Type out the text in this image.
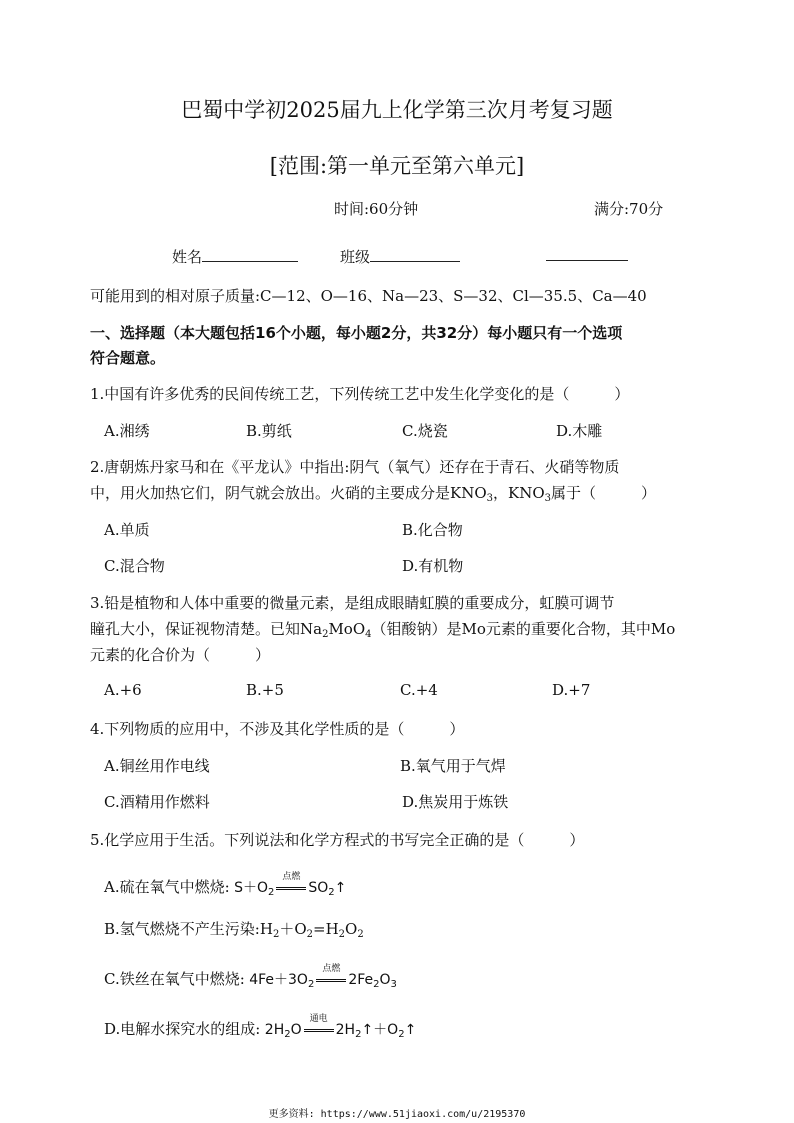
巴蜀中学初2025届九上化学第三次月考复习题
[范围:第一单元至第六单元]
时间:60分钟	满分:70分
姓名	班级
可能用到的相对原子质量:C—12、O—16、Na—23、S—32、Cl—35.5、Ca—40
一、选择题（本大题包括16个小题，每小题2分，共32分）每小题只有一个选项
符合题意。
1.中国有许多优秀的民间传统工艺，下列传统工艺中发生化学变化的是（　　　）
A.湘绣	B.剪纸	C.烧瓷	D.木雕
2.唐朝炼丹家马和在《平龙认》中指出:阴气（氧气）还存在于青石、火硝等物质
中，用火加热它们，阴气就会放出。火硝的主要成分是$KNO_3$，$KNO_3$属于（　　　）
A.单质	B.化合物
C.混合物	D.有机物
3.铅是植物和人体中重要的微量元素，是组成眼睛虹膜的重要成分，虹膜可调节
瞳孔大小，保证视物清楚。已知$Na_2MoO_4$（钼酸钠）是Mo元素的重要化合物，其中Mo
元素的化合价为（　　　）
A.+6	B.+5	C.+4	D.+7
4.下列物质的应用中，不涉及其化学性质的是（　　　）
A.铜丝用作电线	B.氧气用于气焊
C.酒精用作燃料	D.焦炭用于炼铁
5.化学应用于生活。下列说法和化学方程式的书写完全正确的是（　　　）
A.硫在氧气中燃烧: $S+O_2$
点燃
$SO_2↑$
B.氢气燃烧不产生污染$:H_2+O_2=H_2O_2$
C.铁丝在氧气中燃烧: $4Fe+3O_2$
点燃
$2Fe_2O_3$
D.电解水探究水的组成: $2H_2O$
通电
$2H_2↑+O_2↑$
更多资料: https://www.51jiaoxi.com/u/2195370
